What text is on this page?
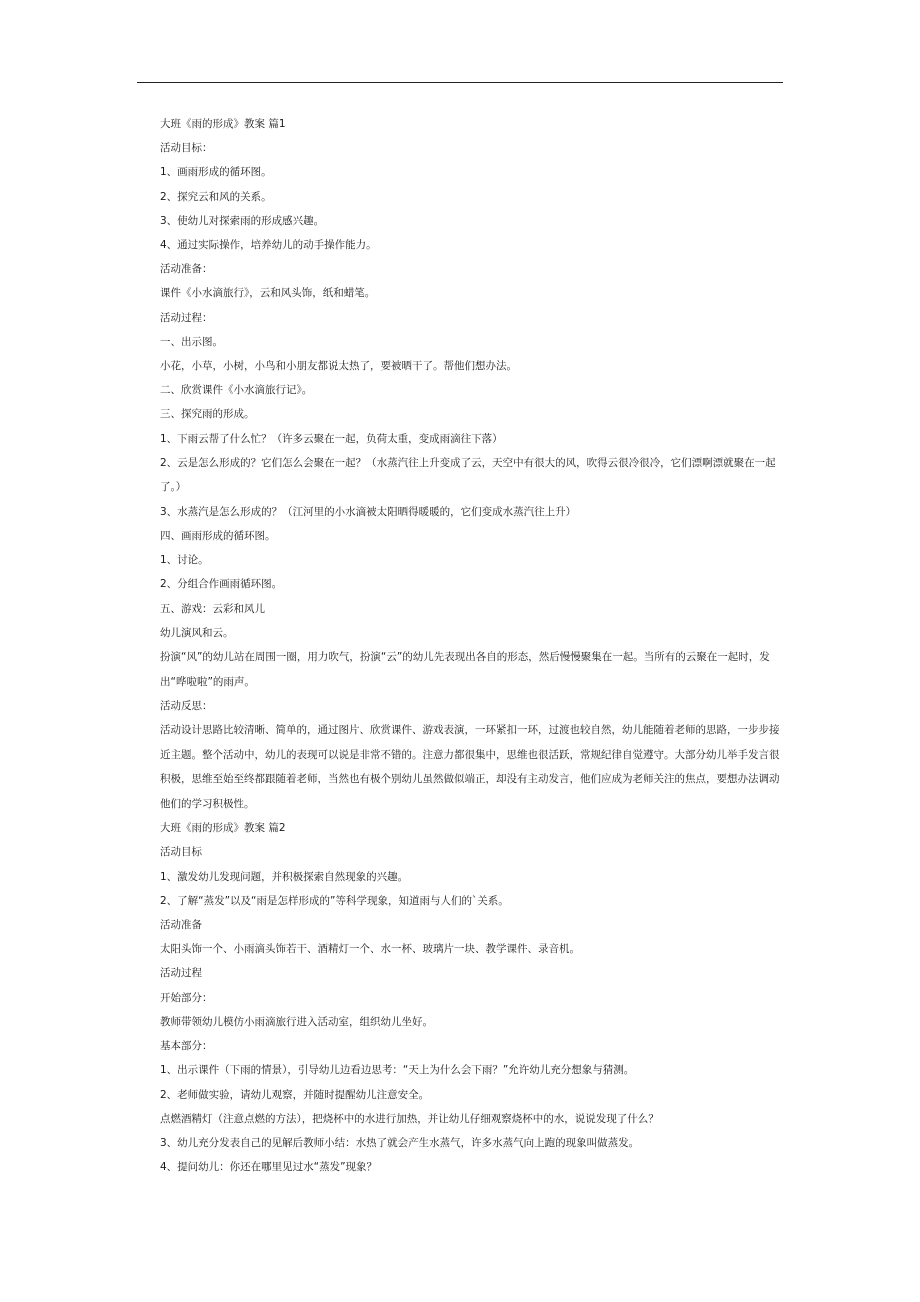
大班《雨的形成》教案 篇1

活动目标：

1、画雨形成的循环图。

2、探究云和风的关系。

3、使幼儿对探索雨的形成感兴趣。

4、通过实际操作，培养幼儿的动手操作能力。

活动准备：

课件《小水滴旅行》，云和风头饰，纸和蜡笔。

活动过程：

一、出示图。

小花，小草，小树，小鸟和小朋友都说太热了，要被晒干了。帮他们想办法。

二、欣赏课件《小水滴旅行记》。

三、探究雨的形成。

1、下雨云帮了什么忙？（许多云聚在一起，负荷太重，变成雨滴往下落）

2、云是怎么形成的？它们怎么会聚在一起？（水蒸汽往上升变成了云，天空中有很大的风，吹得云很冷很冷，它们漂啊漂就聚在一起了。）

3、水蒸汽是怎么形成的？（江河里的小水滴被太阳晒得暖暖的，它们变成水蒸汽往上升）

四、画雨形成的循环图。

1、讨论。

2、分组合作画雨循环图。

五、游戏：云彩和风儿

幼儿演风和云。

扮演“风”的幼儿站在周围一圈，用力吹气，扮演“云”的幼儿先表现出各自的形态，然后慢慢聚集在一起。当所有的云聚在一起时，发出“哗啦啦”的雨声。

活动反思：

活动设计思路比较清晰、简单的，通过图片、欣赏课件、游戏表演，一环紧扣一环，过渡也较自然，幼儿能随着老师的思路，一步步接近主题。整个活动中，幼儿的表现可以说是非常不错的。注意力都很集中，思维也很活跃，常规纪律自觉遵守。大部分幼儿举手发言很积极，思维至始至终都跟随着老师，当然也有极个别幼儿虽然做似端正，却没有主动发言，他们应成为老师关注的焦点，要想办法调动他们的学习积极性。

大班《雨的形成》教案 篇2

活动目标

1、激发幼儿发现问题，并积极探索自然现象的兴趣。

2、了解“蒸发”以及“雨是怎样形成的”等科学现象，知道雨与人们的`关系。

活动准备

太阳头饰一个、小雨滴头饰若干、酒精灯一个、水一杯、玻璃片一块、教学课件、录音机。

活动过程

开始部分：

教师带领幼儿模仿小雨滴旅行进入活动室，组织幼儿坐好。

基本部分：

1、出示课件（下雨的情景），引导幼儿边看边思考：“天上为什么会下雨？”允许幼儿充分想象与猜测。

2、老师做实验，请幼儿观察，并随时提醒幼儿注意安全。

点燃酒精灯（注意点燃的方法），把烧杯中的水进行加热，并让幼儿仔细观察烧杯中的水，说说发现了什么？

3、幼儿充分发表自己的见解后教师小结：水热了就会产生水蒸气，许多水蒸气向上跑的现象叫做蒸发。

4、提问幼儿：你还在哪里见过水“蒸发”现象？
